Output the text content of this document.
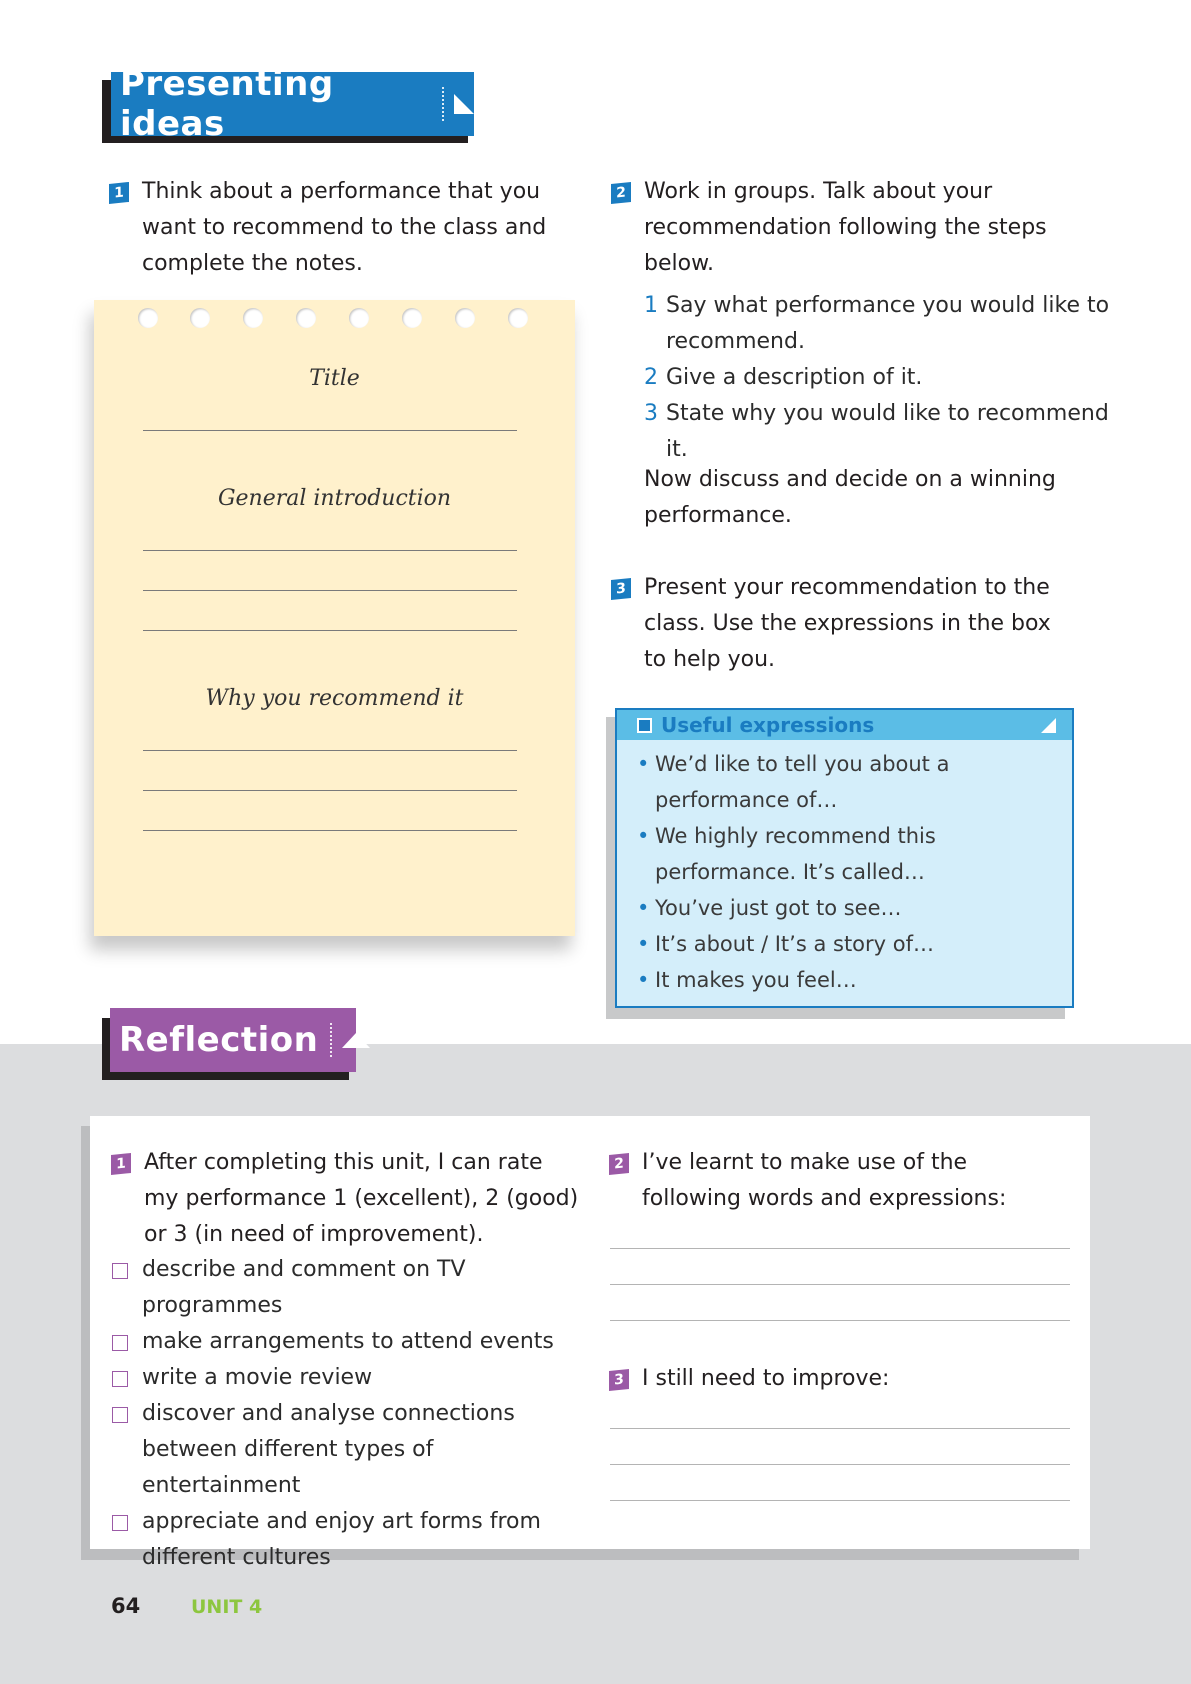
Presenting ideas
1 Think about a performance that you want to recommend to the class and complete the notes.
Title
General introduction
Why you recommend it
2 Work in groups. Talk about your recommendation following the steps below.
1 Say what performance you would like to recommend.
2 Give a description of it.
3 State why you would like to recommend it.
Now discuss and decide on a winning performance.
3 Present your recommendation to the class. Use the expressions in the box to help you.
Useful expressions
• We’d like to tell you about a performance of…
• We highly recommend this performance. It’s called…
• You’ve just got to see…
• It’s about / It’s a story of…
• It makes you feel…
Reflection
1 After completing this unit, I can rate my performance 1 (excellent), 2 (good) or 3 (in need of improvement).
describe and comment on TV programmes
make arrangements to attend events
write a movie review
discover and analyse connections between different types of entertainment
appreciate and enjoy art forms from different cultures
2 I’ve learnt to make use of the following words and expressions:
3 I still need to improve:
64	UNIT 4
